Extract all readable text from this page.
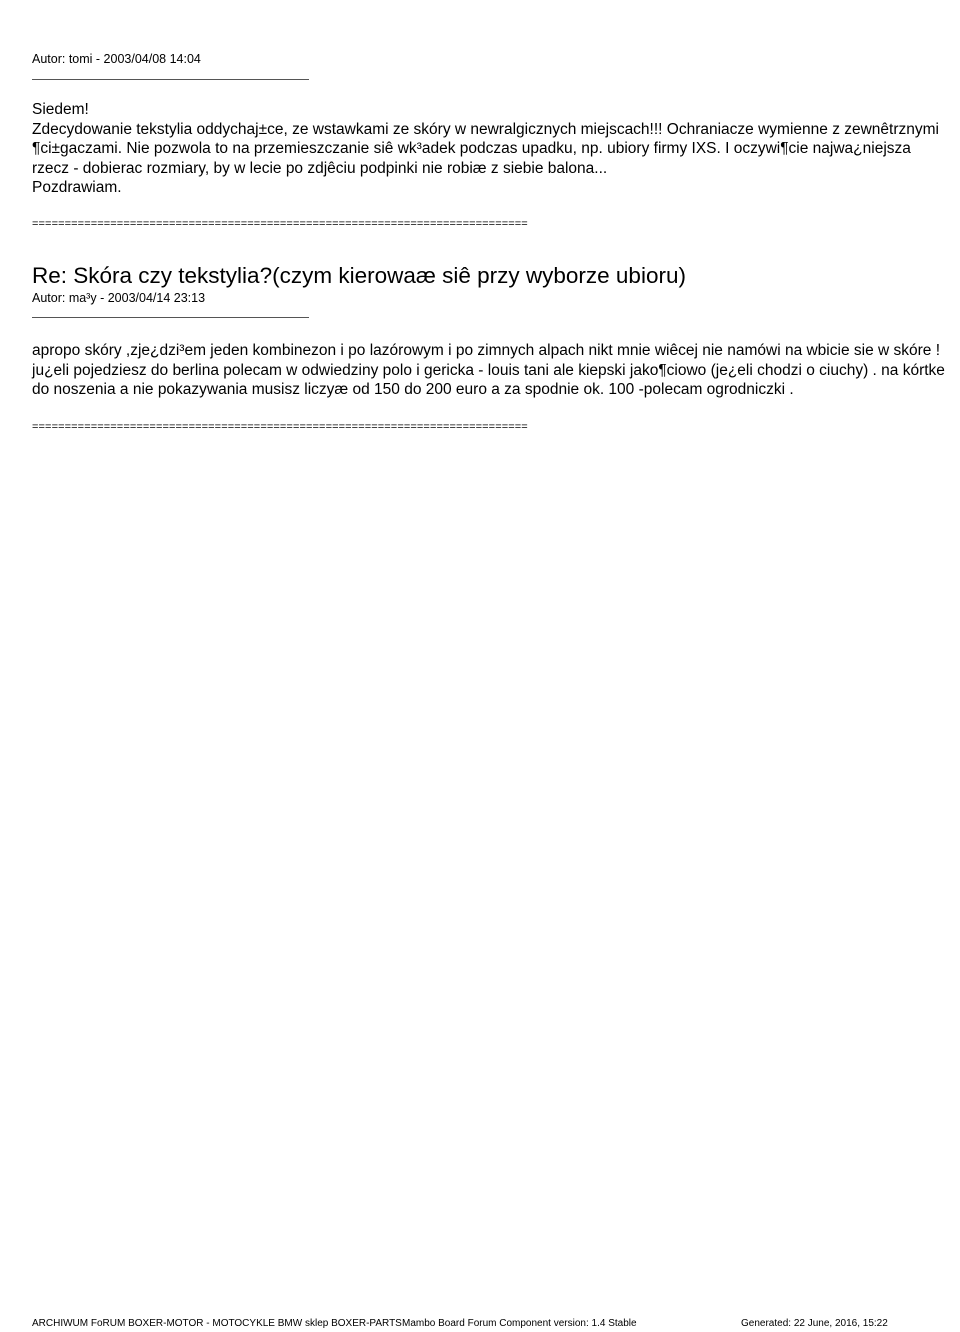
Autor: tomi - 2003/04/08 14:04

Siedem!

Zdecydowanie tekstylia oddychaj±ce, ze wstawkami ze skóry w newralgicznych miejscach!!! Ochraniacze wymienne z zewnêtrznymi ¶ci±gaczami. Nie pozwola to na przemieszczanie siê wk³adek podczas upadku, np. ubiory firmy IXS. I oczywi¶cie najwa¿niejsza rzecz - dobierac rozmiary, by w lecie po zdjêciu podpinki nie robiæ z siebie balona...

Pozdrawiam.

============================================================================
Re: Skóra czy tekstylia?(czym kierowaæ siê przy wyborze ubioru)
Autor: ma³y - 2003/04/14 23:13

apropo skóry ,zje¿dzi³em jeden kombinezon i po lazórowym i po zimnych alpach nikt mnie wiêcej nie namówi na wbicie sie w skóre !

ju¿eli pojedziesz do berlina polecam w odwiedziny polo i gericka - louis tani ale kiepski jako¶ciowo (je¿eli chodzi o ciuchy) . na kórtke do noszenia a nie pokazywania musisz liczyæ od 150 do 200 euro a za spodnie ok. 100 -polecam ogrodniczki .

============================================================================
ARCHIWUM FoRUM BOXER-MOTOR - MOTOCYKLE BMW sklep BOXER-PARTS Mambo Board Forum Component version: 1.4 Stable	Generated: 22 June, 2016, 15:22
